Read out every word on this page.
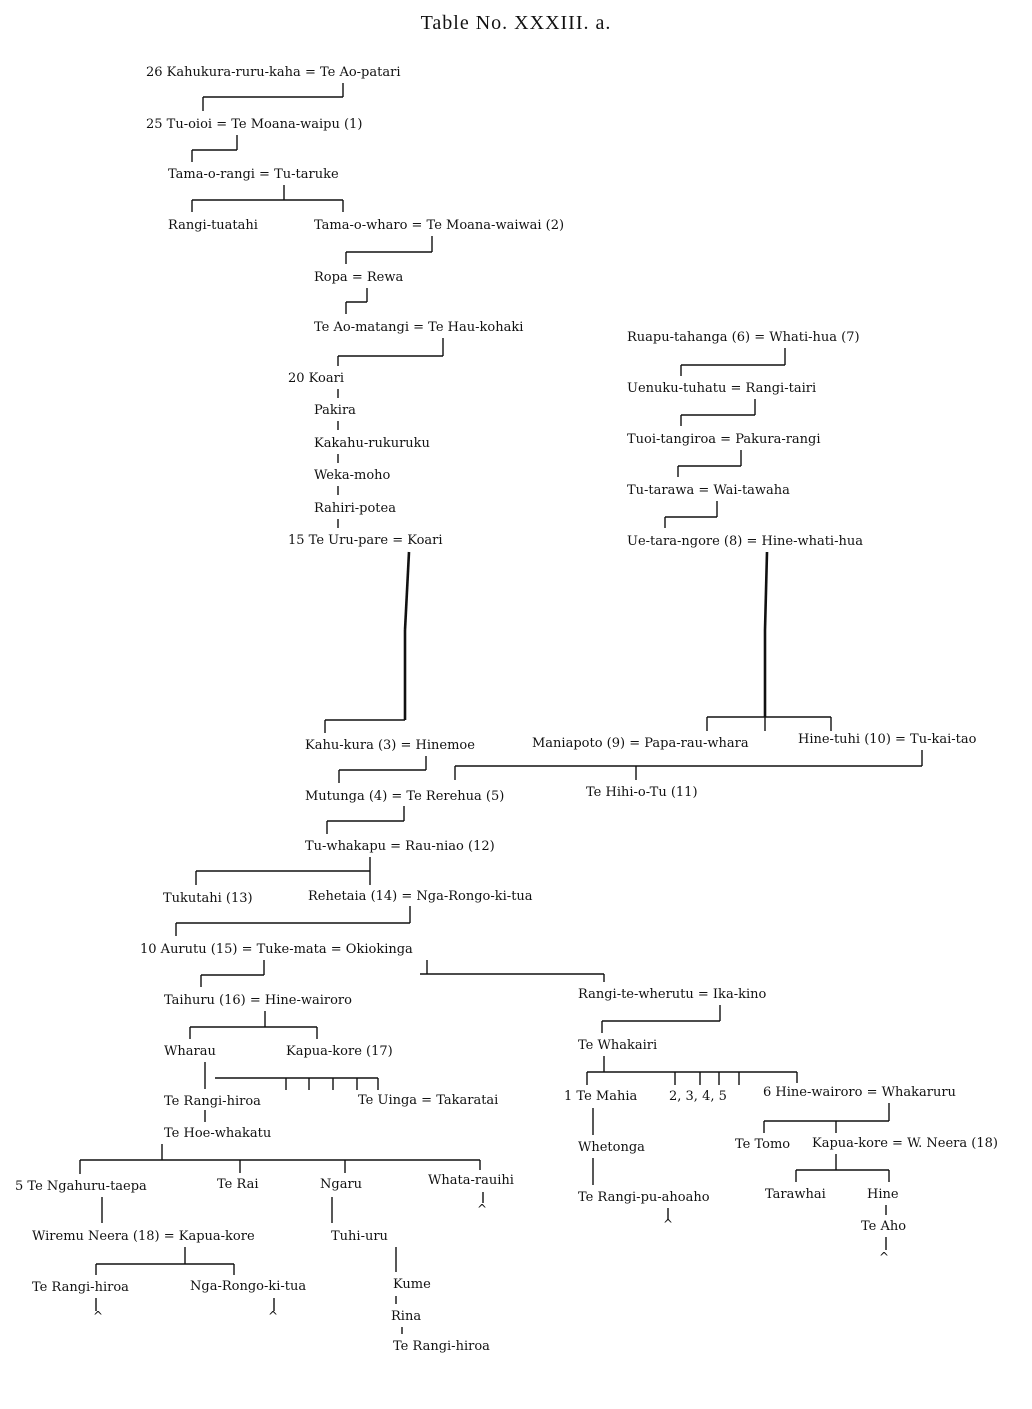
Table No. XXXIII. a.
26 Kahukura-ruru-kaha = Te Ao-patari
25 Tu-oioi = Te Moana-waipu (1)
Tama-o-rangi = Tu-taruke
Rangi-tuatahi	Tama-o-wharo = Te Moana-waiwai (2)
Ropa = Rewa
Te Ao-matangi = Te Hau-kohaki
20 Koari
Pakira
Kakahu-rukuruku
Weka-moho
Rahiri-potea
15 Te Uru-pare = Koari
Ruapu-tahanga (6) = Whati-hua (7)
Uenuku-tuhatu = Rangi-tairi
Tuoi-tangiroa = Pakura-rangi
Tu-tarawa = Wai-tawaha
Ue-tara-ngore (8) = Hine-whati-hua
Kahu-kura (3) = Hinemoe	Maniapoto (9) = Papa-rau-whara	Hine-tuhi (10) = Tu-kai-tao
Mutunga (4) = Te Rerehua (5)	Te Hihi-o-Tu (11)
Tu-whakapu = Rau-niao (12)
Tukutahi (13)	Rehetaia (14) = Nga-Rongo-ki-tua
10 Aurutu (15) = Tuke-mata = Okiokinga
Taihuru (16) = Hine-wairoro	Rangi-te-wherutu = Ika-kino
Wharau	Kapua-kore (17)	Te Whakairi
Te Rangi-hiroa	Te Uinga = Takaratai	1 Te Mahia 2, 3, 4, 5	6 Hine-wairoro = Whakaruru
Te Hoe-whakatu
Whetonga	Te Tomo Kapua-kore = W. Neera (18)
5 Te Ngahuru-taepa	Te Rai	Ngaru	Whata-rauihi
Te Rangi-pu-ahoaho	Tarawhai	Hine
Te Aho
Wiremu Neera (18) = Kapua-kore	Tuhi-uru
Te Rangi-hiroa	Nga-Rongo-ki-tua	Kume
Rina
Te Rangi-hiroa
^
^
^
^	^
